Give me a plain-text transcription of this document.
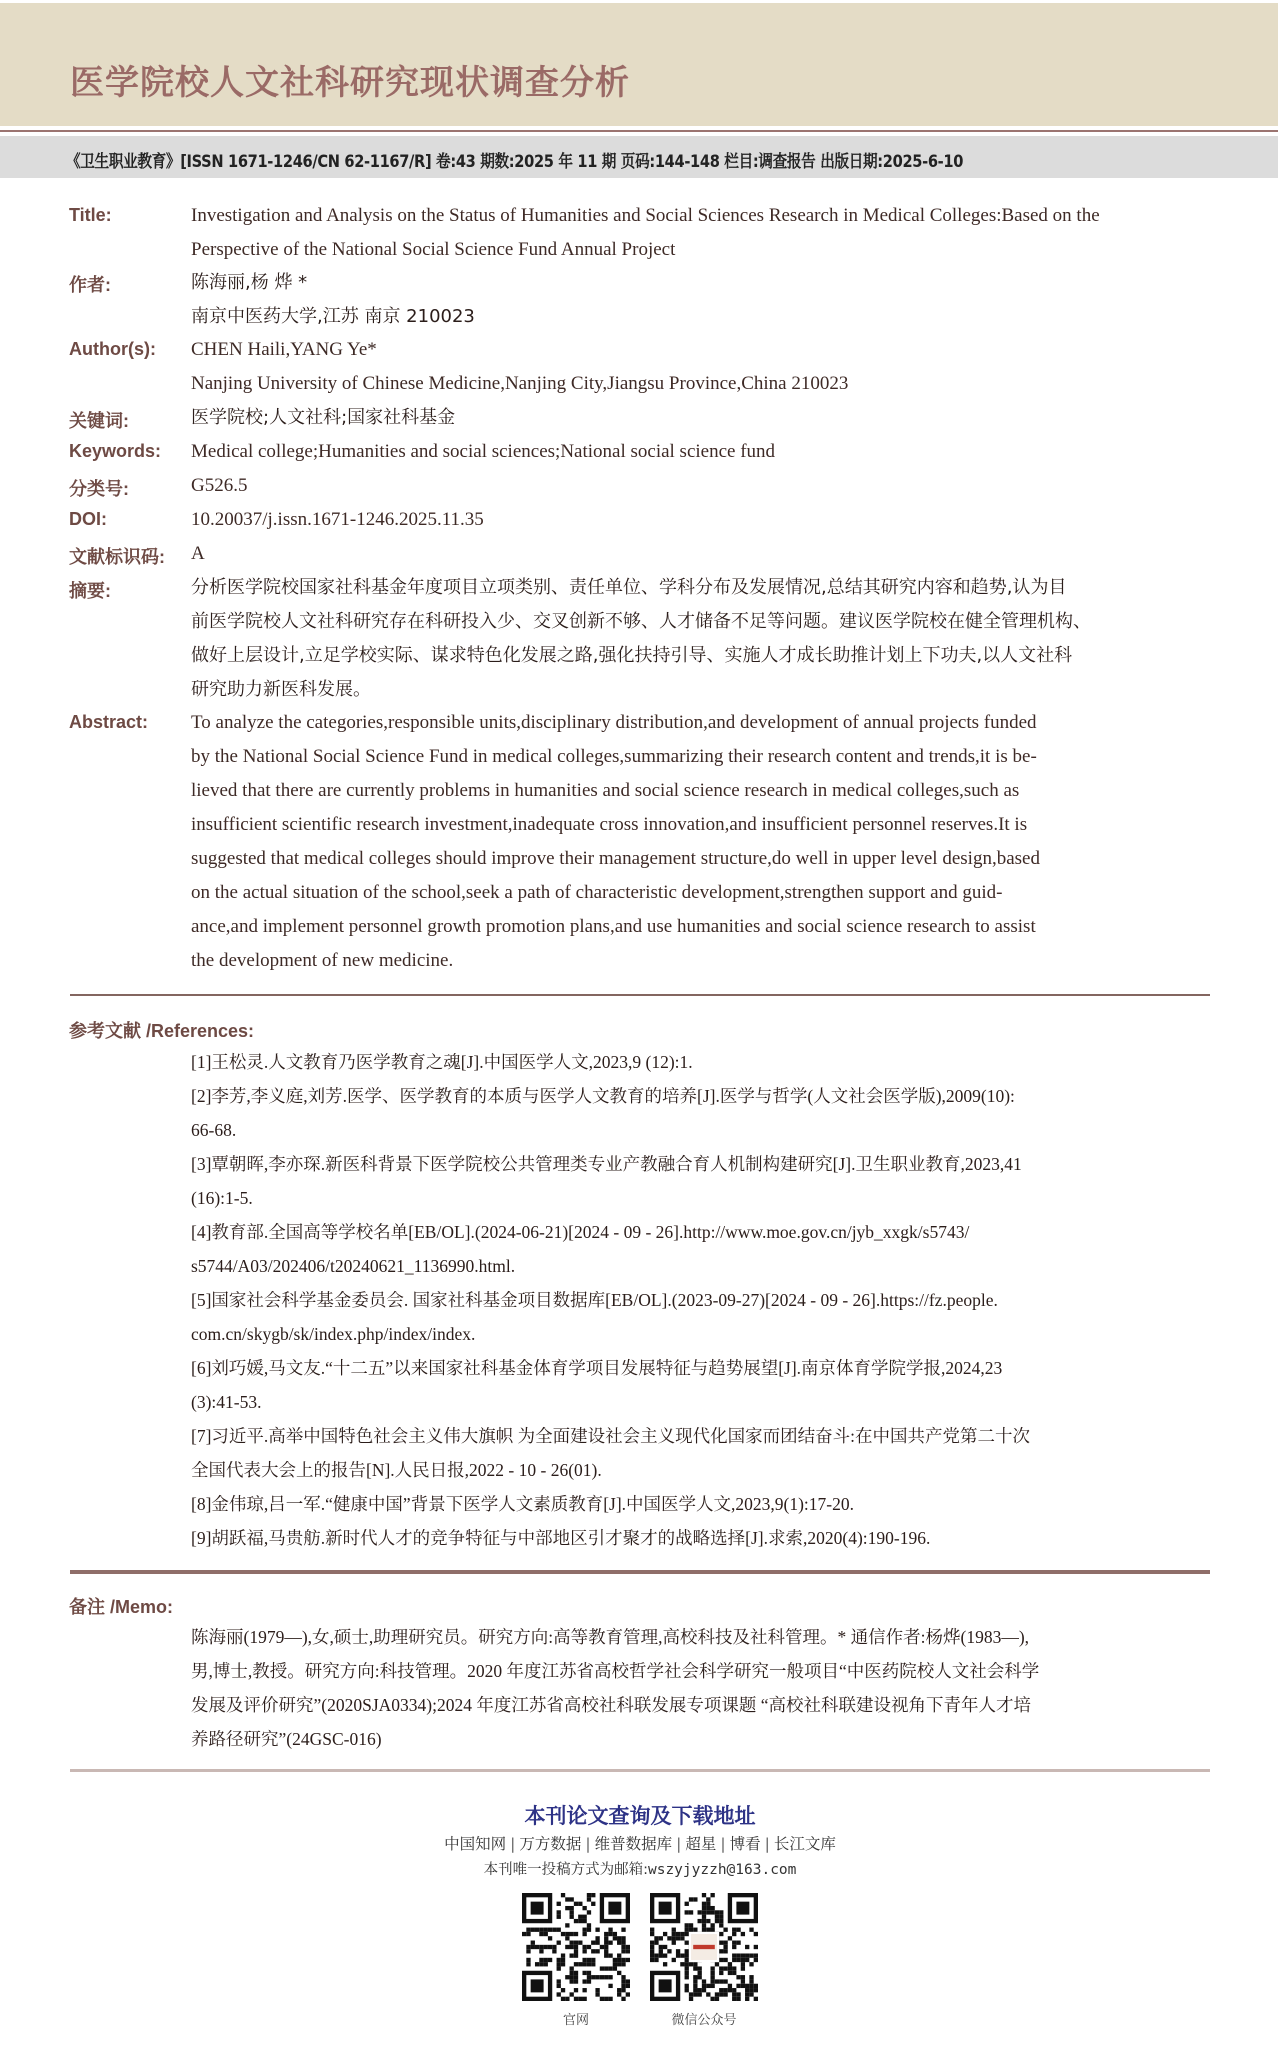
医学院校人文社科研究现状调查分析
《卫生职业教育》[ISSN 1671-1246/CN 62-1167/R] 卷:43 期数:2025 年 11 期 页码:144-148 栏目:调查报告 出版日期:2025-6-10
Title:	Investigation and Analysis on the Status of Humanities and Social Sciences Research in Medical Colleges:Based on the
Perspective of the National Social Science Fund Annual Project
作者:	陈海丽,杨 烨 *
南京中医药大学,江苏 南京 210023
Author(s): CHEN Haili,YANG Ye*
Nanjing University of Chinese Medicine,Nanjing City,Jiangsu Province,China 210023
关键词:	医学院校;人文社科;国家社科基金
Keywords: Medical college;Humanities and social sciences;National social science fund
分类号:	G526.5
DOI:	10.20037/j.issn.1671-1246.2025.11.35
文献标识码: A
摘要:	分析医学院校国家社科基金年度项目立项类别、责任单位、学科分布及发展情况,总结其研究内容和趋势,认为目
前医学院校人文社科研究存在科研投入少、交叉创新不够、人才储备不足等问题。建议医学院校在健全管理机构、
做好上层设计,立足学校实际、谋求特色化发展之路,强化扶持引导、实施人才成长助推计划上下功夫,以人文社科
研究助力新医科发展。
Abstract: To analyze the categories,responsible units,disciplinary distribution,and development of annual projects funded
by the National Social Science Fund in medical colleges,summarizing their research content and trends,it is be-
lieved that there are currently problems in humanities and social science research in medical colleges,such as
insufficient scientific research investment,inadequate cross innovation,and insufficient personnel reserves.It is
suggested that medical colleges should improve their management structure,do well in upper level design,based
on the actual situation of the school,seek a path of characteristic development,strengthen support and guid-
ance,and implement personnel growth promotion plans,and use humanities and social science research to assist
the development of new medicine.
参考文献 /References:
[1]王松灵.人文教育乃医学教育之魂[J].中国医学人文,2023,9 (12):1.
[2]李芳,李义庭,刘芳.医学、医学教育的本质与医学人文教育的培养[J].医学与哲学(人文社会医学版),2009(10):
66-68.
[3]覃朝晖,李亦琛.新医科背景下医学院校公共管理类专业产教融合育人机制构建研究[J].卫生职业教育,2023,41
(16):1-5.
[4]教育部.全国高等学校名单[EB/OL].(2024-06-21)[2024 - 09 - 26].http://www.moe.gov.cn/jyb_xxgk/s5743/
s5744/A03/202406/t20240621_1136990.html.
[5]国家社会科学基金委员会. 国家社科基金项目数据库[EB/OL].(2023-09-27)[2024 - 09 - 26].https://fz.people.
com.cn/skygb/sk/index.php/index/index.
[6]刘巧媛,马文友.“十二五”以来国家社科基金体育学项目发展特征与趋势展望[J].南京体育学院学报,2024,23
(3):41-53.
[7]习近平.高举中国特色社会主义伟大旗帜 为全面建设社会主义现代化国家而团结奋斗:在中国共产党第二十次
全国代表大会上的报告[N].人民日报,2022 - 10 - 26(01).
[8]金伟琼,吕一军.“健康中国”背景下医学人文素质教育[J].中国医学人文,2023,9(1):17-20.
[9]胡跃福,马贵舫.新时代人才的竞争特征与中部地区引才聚才的战略选择[J].求索,2020(4):190-196.
备注 /Memo:
陈海丽(1979—),女,硕士,助理研究员。研究方向:高等教育管理,高校科技及社科管理。* 通信作者:杨烨(1983—),
男,博士,教授。研究方向:科技管理。2020 年度江苏省高校哲学社会科学研究一般项目“中医药院校人文社会科学
发展及评价研究”(2020SJA0334);2024 年度江苏省高校社科联发展专项课题 “高校社科联建设视角下青年人才培
养路径研究”(24GSC-016)
本刊论文查询及下载地址
中国知网 | 万方数据 | 维普数据库 | 超星 | 博看 | 长江文库
本刊唯一投稿方式为邮箱:wszyjyzzh@163.com
官网	微信公众号
